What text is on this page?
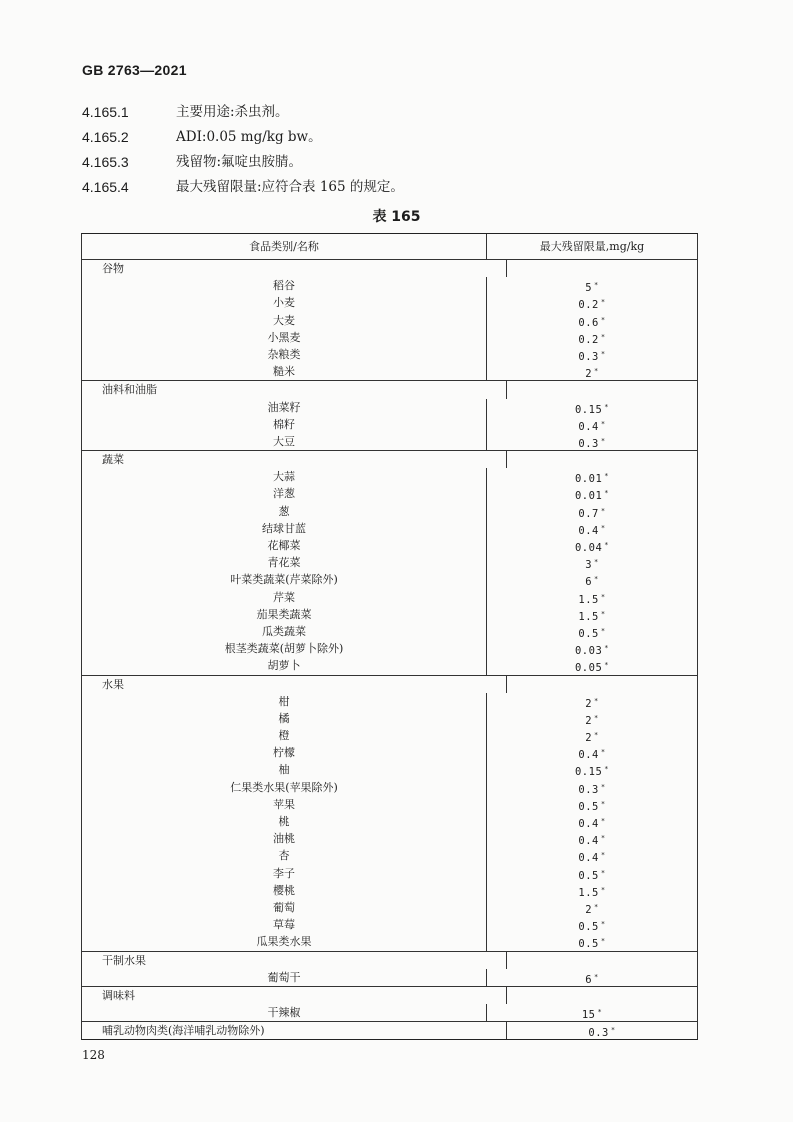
GB 2763—2021
4.165.1	主要用途:杀虫剂。
4.165.2	ADI:0.05 mg/kg bw。
4.165.3	残留物:氟啶虫胺腈。
4.165.4	最大残留限量:应符合表 165 的规定。
表 165
食品类别/名称	最大残留限量,mg/kg
谷物
稻谷	5 *
小麦	0.2 *
大麦	0.6 *
小黑麦	0.2 *
杂粮类	0.3 *
糙米	2 *
油料和油脂
油菜籽	0.15 *
棉籽	0.4 *
大豆	0.3 *
蔬菜
大蒜	0.01 *
洋葱	0.01 *
葱	0.7 *
结球甘蓝	0.4 *
花椰菜	0.04 *
青花菜	3 *
叶菜类蔬菜(芹菜除外)	6 *
芹菜	1.5 *
茄果类蔬菜	1.5 *
瓜类蔬菜	0.5 *
根茎类蔬菜(胡萝卜除外)	0.03 *
胡萝卜	0.05 *
水果
柑	2 *
橘	2 *
橙	2 *
柠檬	0.4 *
柚	0.15 *
仁果类水果(苹果除外)	0.3 *
苹果	0.5 *
桃	0.4 *
油桃	0.4 *
杏	0.4 *
李子	0.5 *
樱桃	1.5 *
葡萄	2 *
草莓	0.5 *
瓜果类水果	0.5 *
干制水果
葡萄干	6 *
调味料
干辣椒	15 *
哺乳动物肉类(海洋哺乳动物除外)	0.3 *
128
